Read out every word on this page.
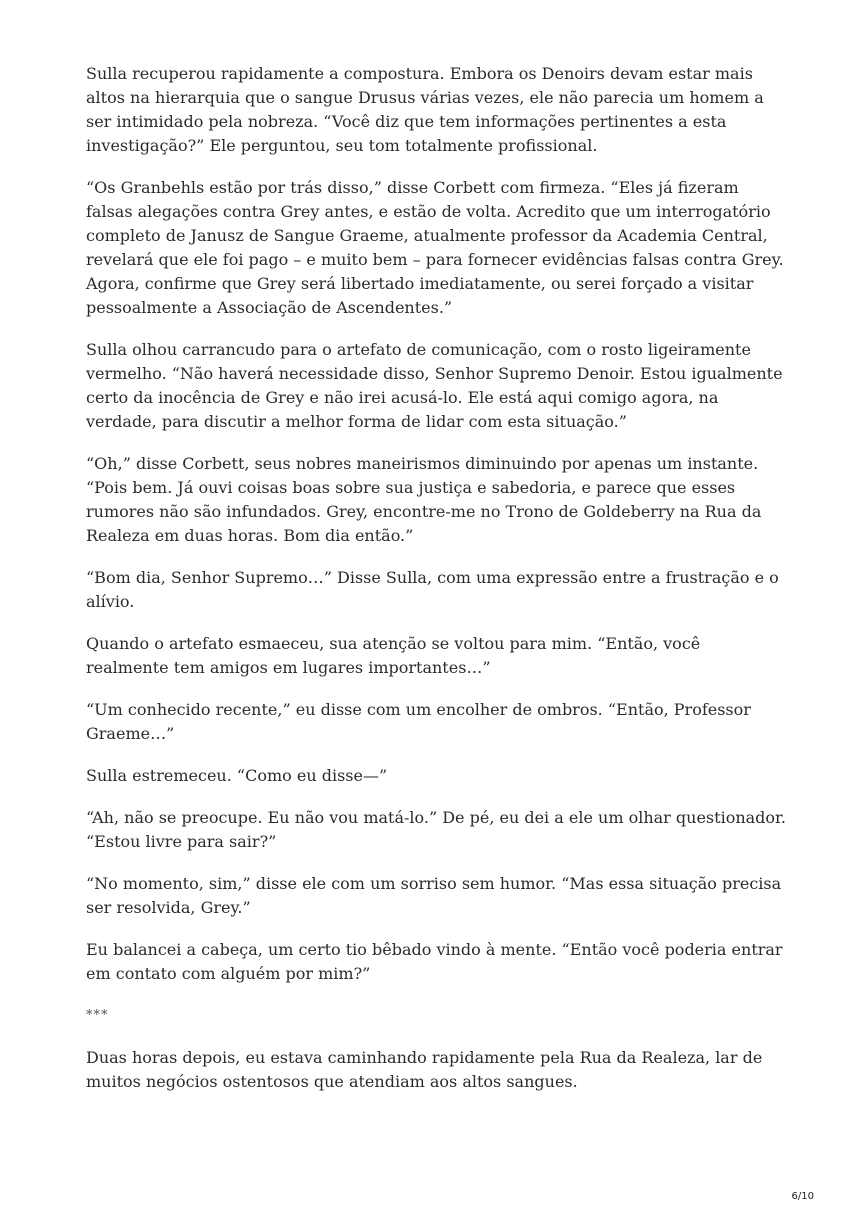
Sulla recuperou rapidamente a compostura. Embora os Denoirs devam estar mais altos na hierarquia que o sangue Drusus várias vezes, ele não parecia um homem a ser intimidado pela nobreza. “Você diz que tem informações pertinentes a esta investigação?” Ele perguntou, seu tom totalmente profissional.

“Os Granbehls estão por trás disso,” disse Corbett com firmeza. “Eles já fizeram falsas alegações contra Grey antes, e estão de volta. Acredito que um interrogatório completo de Janusz de Sangue Graeme, atualmente professor da Academia Central, revelará que ele foi pago – e muito bem – para fornecer evidências falsas contra Grey. Agora, confirme que Grey será libertado imediatamente, ou serei forçado a visitar pessoalmente a Associação de Ascendentes.”

Sulla olhou carrancudo para o artefato de comunicação, com o rosto ligeiramente vermelho. “Não haverá necessidade disso, Senhor Supremo Denoir. Estou igualmente certo da inocência de Grey e não irei acusá-lo. Ele está aqui comigo agora, na verdade, para discutir a melhor forma de lidar com esta situação.”

“Oh,” disse Corbett, seus nobres maneirismos diminuindo por apenas um instante. “Pois bem. Já ouvi coisas boas sobre sua justiça e sabedoria, e parece que esses rumores não são infundados. Grey, encontre-me no Trono de Goldeberry na Rua da Realeza em duas horas. Bom dia então.”

“Bom dia, Senhor Supremo…” Disse Sulla, com uma expressão entre a frustração e o alívio.

Quando o artefato esmaeceu, sua atenção se voltou para mim. “Então, você realmente tem amigos em lugares importantes…”

“Um conhecido recente,” eu disse com um encolher de ombros. “Então, Professor Graeme…”

Sulla estremeceu. “Como eu disse—”

“Ah, não se preocupe. Eu não vou matá-lo.” De pé, eu dei a ele um olhar questionador. “Estou livre para sair?”

“No momento, sim,” disse ele com um sorriso sem humor. “Mas essa situação precisa ser resolvida, Grey.”

Eu balancei a cabeça, um certo tio bêbado vindo à mente. “Então você poderia entrar em contato com alguém por mim?”

***

Duas horas depois, eu estava caminhando rapidamente pela Rua da Realeza, lar de muitos negócios ostentosos que atendiam aos altos sangues.

6/10
